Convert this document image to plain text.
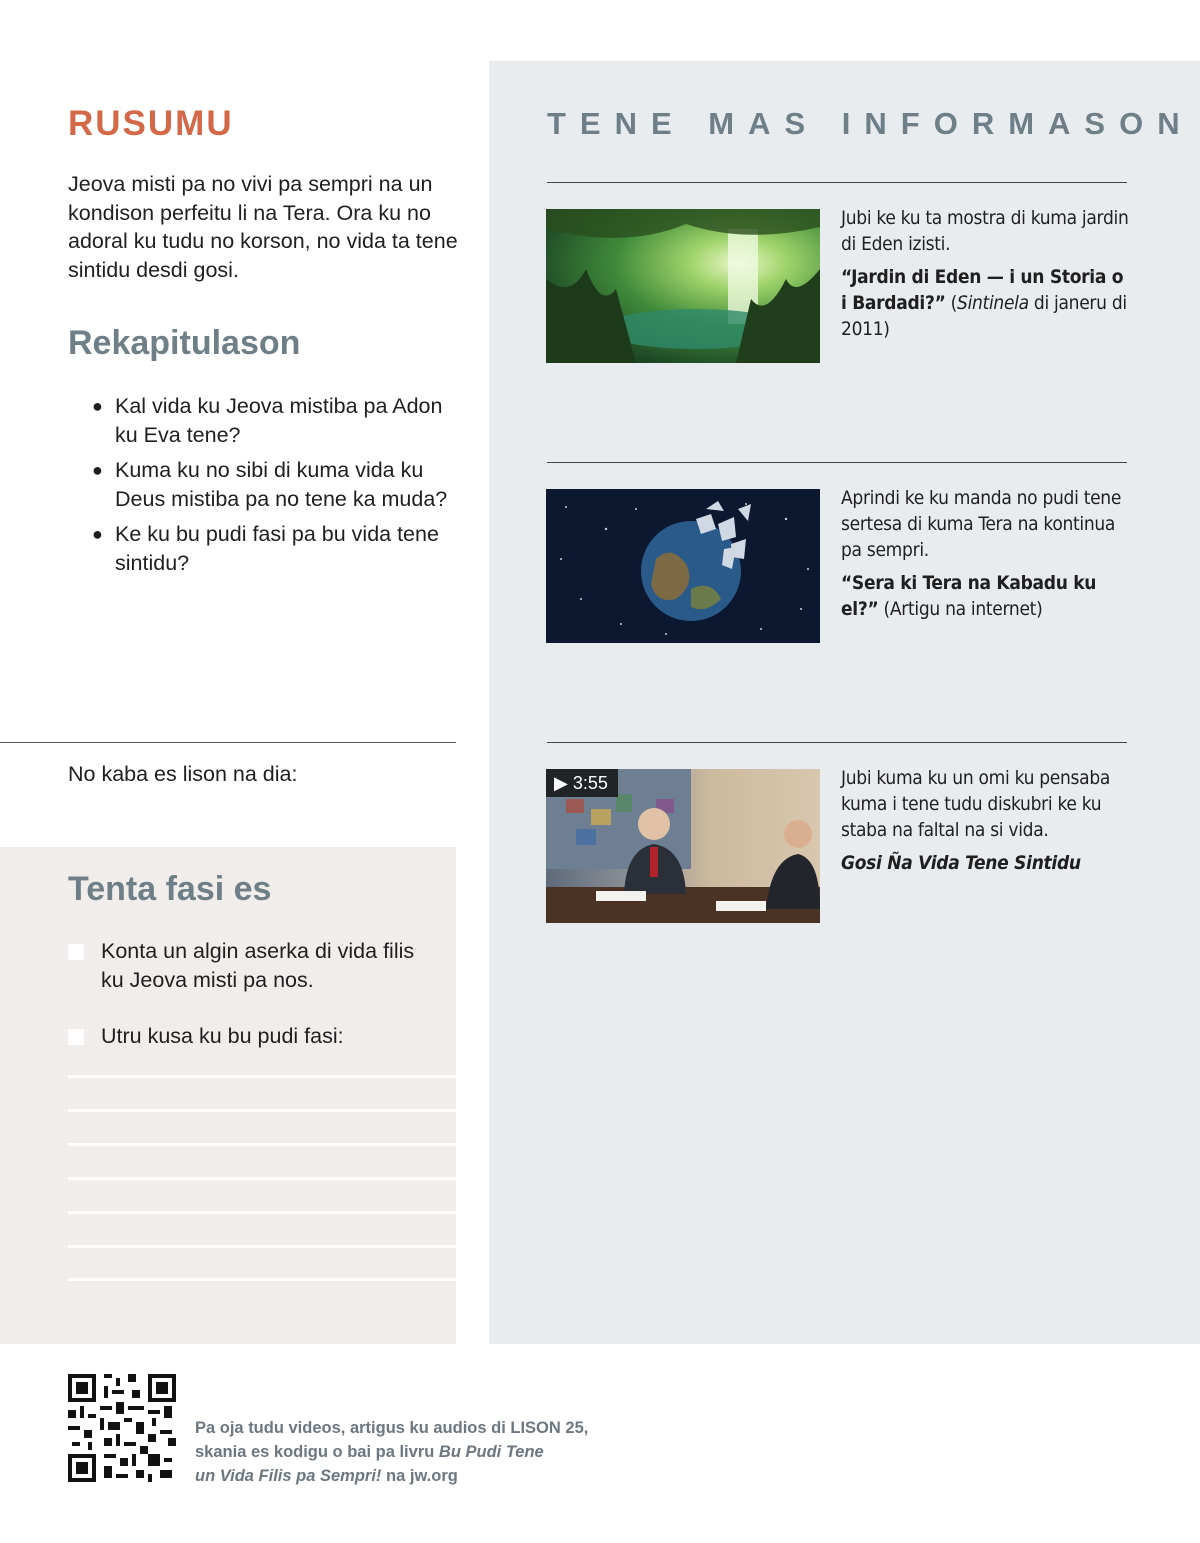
RUSUMU

Jeova misti pa no vivi pa sempri na un kondison perfeitu li na Tera. Ora ku no adoral ku tudu no korson, no vida ta tene sintidu desdi gosi.

Rekapitulason
● Kal vida ku Jeova mistiba pa Adon ku Eva tene?
● Kuma ku no sibi di kuma vida ku Deus mistiba pa no tene ka muda?
● Ke ku bu pudi fasi pa bu vida tene sintidu?

No kaba es lison na dia:

Tenta fasi es
Konta un algin aserka di vida filis ku Jeova misti pa nos.
Utru kusa ku bu pudi fasi:
TENE MAS INFORMASON

Jubi ke ku ta mostra di kuma jardin di Eden izisti.

“Jardin di Eden — i un Storia o i Bardadi?” (Sintinela di janeru di 2011)

Aprindi ke ku manda no pudi tene sertesa di kuma Tera na kontinua pa sempri.

“Sera ki Tera na Kabadu ku el?” (Artigu na internet)

▶ 3:55	Jubi kuma ku un omi ku pensaba kuma i tene tudu diskubri ke ku staba na faltal na si vida.

Gosi Ña Vida Tene Sintidu

Pa oja tudu videos, artigus ku audios di LISON 25,
skania es kodigu o bai pa livru Bu Pudi Tene
un Vida Filis pa Sempri! na jw.org
